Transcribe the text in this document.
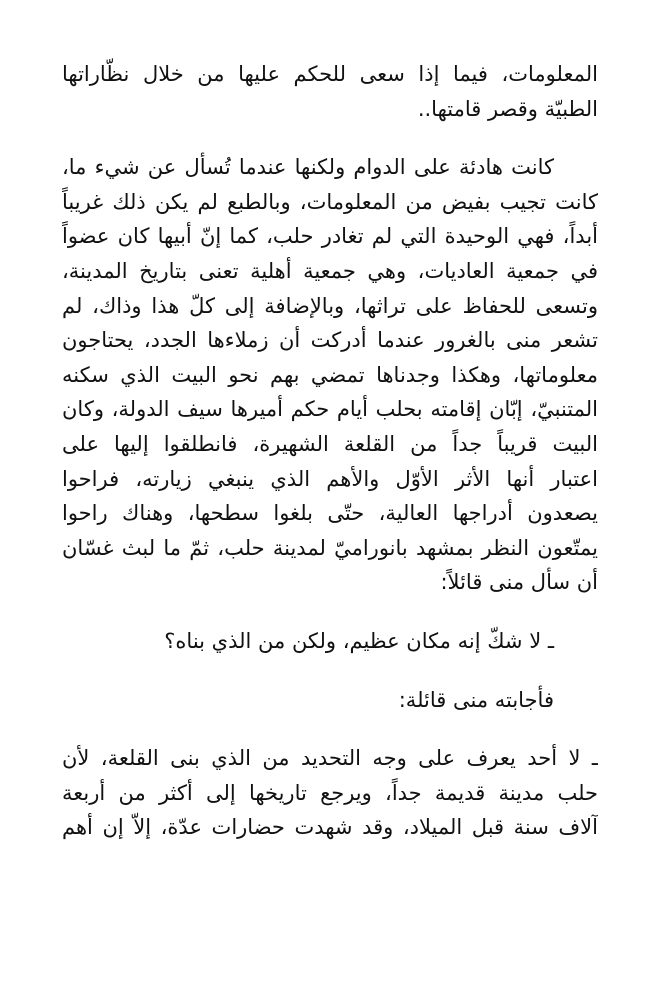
المعلومات، فيما إذا سعى للحكم عليها من خلال نظّاراتها
الطبيّة وقصر قامتها..
كانت هادئة على الدوام ولكنها عندما تُسأل عن شيء ما،
كانت تجيب بفيض من المعلومات، وبالطبع لم يكن ذلك غريباً
أبداً، فهي الوحيدة التي لم تغادر حلب، كما إنّ أبيها كان عضواً
في جمعية العاديات، وهي جمعية أهلية تعنى بتاريخ المدينة،
وتسعى للحفاظ على تراثها، وبالإضافة إلى كلّ هذا وذاك، لم
تشعر منى بالغرور عندما أدركت أن زملاءها الجدد، يحتاجون
معلوماتها، وهكذا وجدناها تمضي بهم نحو البيت الذي سكنه
المتنبيّ، إبّان إقامته بحلب أيام حكم أميرها سيف الدولة، وكان
البيت قريباً جداً من القلعة الشهيرة، فانطلقوا إليها على
اعتبار أنها الأثر الأوّل والأهم الذي ينبغي زيارته، فراحوا
يصعدون أدراجها العالية، حتّى بلغوا سطحها، وهناك راحوا
يمتّعون النظر بمشهد بانوراميّ لمدينة حلب، ثمّ ما لبث غسّان
أن سأل منى قائلاً:
ـ لا شكّ إنه مكان عظيم، ولكن من الذي بناه؟
فأجابته منى قائلة:
ـ لا أحد يعرف على وجه التحديد من الذي بنى القلعة، لأن
حلب مدينة قديمة جداً، ويرجع تاريخها إلى أكثر من أربعة
آلاف سنة قبل الميلاد، وقد شهدت حضارات عدّة، إلاّ إن أهم
